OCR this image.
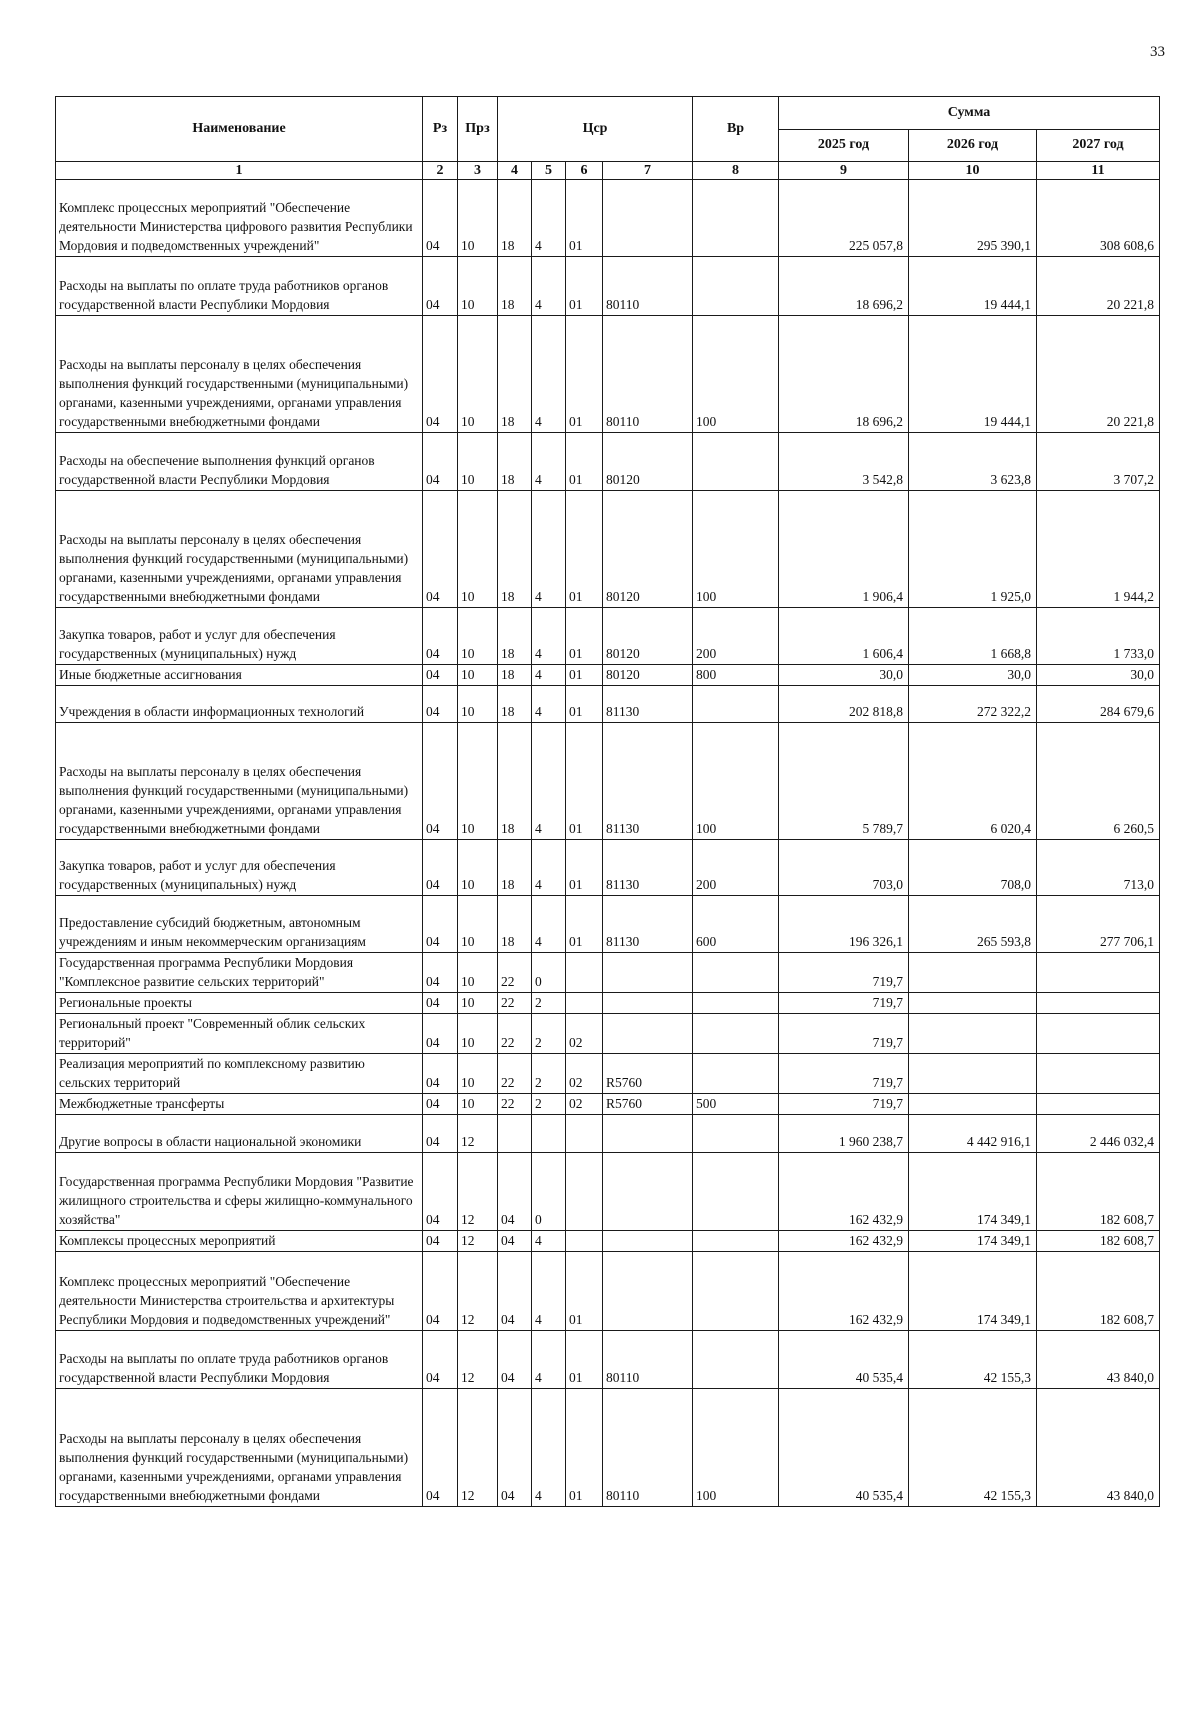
33
Наименование	Рз	Прз	Цср				Вр	Сумма		
								2025 год	2026 год	2027 год
1	2	3	4	5	6	7	8	9	10	11
Комплекс процессных мероприятий "Обеспечение деятельности Министерства цифрового развития Республики Мордовия и подведомственных учреждений"	04	10	18	4	01			225 057,8	295 390,1	308 608,6
Расходы на выплаты по оплате труда работников органов государственной власти Республики Мордовия	04	10	18	4	01	80110		18 696,2	19 444,1	20 221,8
Расходы на выплаты персоналу в целях обеспечения выполнения функций государственными (муниципальными) органами, казенными учреждениями, органами управления государственными внебюджетными фондами	04	10	18	4	01	80110	100	18 696,2	19 444,1	20 221,8
Расходы на обеспечение выполнения функций органов государственной власти Республики Мордовия	04	10	18	4	01	80120		3 542,8	3 623,8	3 707,2
Расходы на выплаты персоналу в целях обеспечения выполнения функций государственными (муниципальными) органами, казенными учреждениями, органами управления государственными внебюджетными фондами	04	10	18	4	01	80120	100	1 906,4	1 925,0	1 944,2
Закупка товаров, работ и услуг для обеспечения государственных (муниципальных) нужд	04	10	18	4	01	80120	200	1 606,4	1 668,8	1 733,0
Иные бюджетные ассигнования	04	10	18	4	01	80120	800	30,0	30,0	30,0
Учреждения в области информационных технологий	04	10	18	4	01	81130		202 818,8	272 322,2	284 679,6
Расходы на выплаты персоналу в целях обеспечения выполнения функций государственными (муниципальными) органами, казенными учреждениями, органами управления государственными внебюджетными фондами	04	10	18	4	01	81130	100	5 789,7	6 020,4	6 260,5
Закупка товаров, работ и услуг для обеспечения государственных (муниципальных) нужд	04	10	18	4	01	81130	200	703,0	708,0	713,0
Предоставление субсидий бюджетным, автономным учреждениям и иным некоммерческим организациям	04	10	18	4	01	81130	600	196 326,1	265 593,8	277 706,1
Государственная программа Республики Мордовия "Комплексное развитие сельских территорий"	04	10	22	0				719,7		
Региональные проекты	04	10	22	2				719,7		
Региональный проект "Современный облик сельских территорий"	04	10	22	2	02			719,7		
Реализация мероприятий по комплексному развитию сельских территорий	04	10	22	2	02	R5760		719,7		
Межбюджетные трансферты	04	10	22	2	02	R5760	500	719,7		
Другие вопросы в области национальной экономики	04	12						1 960 238,7	4 442 916,1	2 446 032,4
Государственная программа Республики Мордовия "Развитие жилищного строительства и сферы жилищно-коммунального хозяйства"	04	12	04	0				162 432,9	174 349,1	182 608,7
Комплексы процессных мероприятий	04	12	04	4				162 432,9	174 349,1	182 608,7
Комплекс процессных мероприятий "Обеспечение деятельности Министерства строительства и архитектуры Республики Мордовия и подведомственных учреждений"	04	12	04	4	01			162 432,9	174 349,1	182 608,7
Расходы на выплаты по оплате труда работников органов государственной власти Республики Мордовия	04	12	04	4	01	80110		40 535,4	42 155,3	43 840,0
Расходы на выплаты персоналу в целях обеспечения выполнения функций государственными (муниципальными) органами, казенными учреждениями, органами управления государственными внебюджетными фондами	04	12	04	4	01	80110	100	40 535,4	42 155,3	43 840,0
